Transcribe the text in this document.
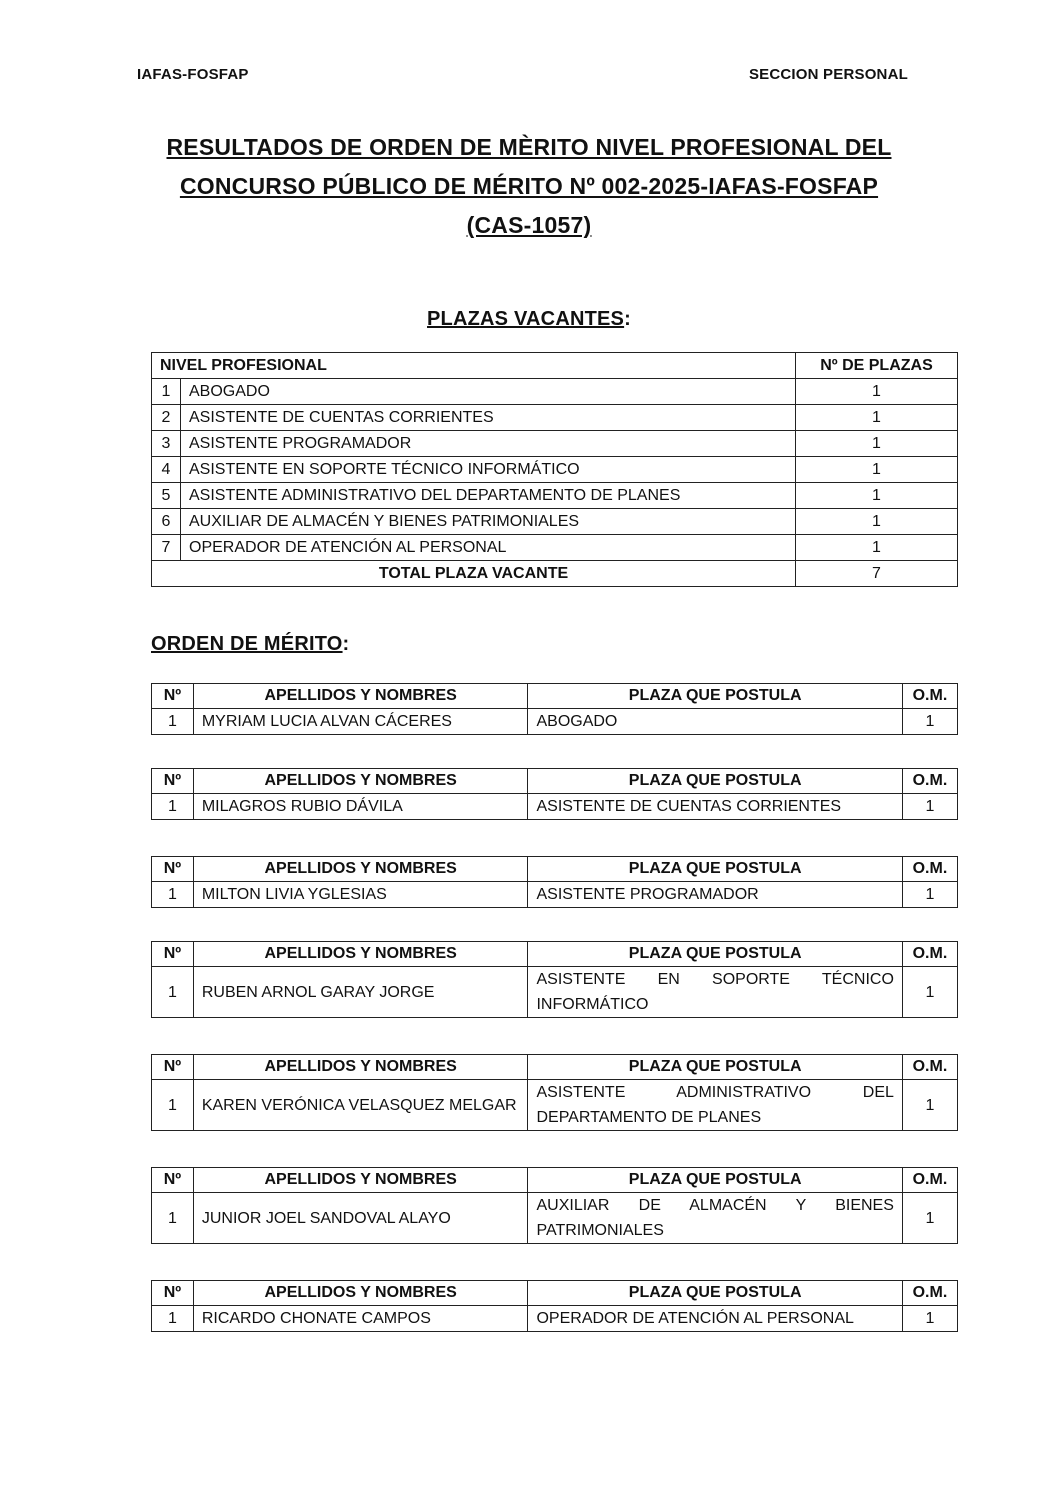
IAFAS-FOSFAP	SECCION PERSONAL
RESULTADOS DE ORDEN DE MÈRITO NIVEL PROFESIONAL DEL
CONCURSO PÚBLICO DE MÉRITO Nº 002-2025-IAFAS-FOSFAP
(CAS-1057)
PLAZAS VACANTES:
NIVEL PROFESIONAL		Nº DE PLAZAS
1	ABOGADO	1
2	ASISTENTE DE CUENTAS CORRIENTES	1
3	ASISTENTE PROGRAMADOR	1
4	ASISTENTE EN SOPORTE TÉCNICO INFORMÁTICO	1
5	ASISTENTE ADMINISTRATIVO DEL DEPARTAMENTO DE PLANES	1
6	AUXILIAR DE ALMACÉN Y BIENES PATRIMONIALES	1
7	OPERADOR DE ATENCIÓN AL PERSONAL	1
TOTAL PLAZA VACANTE		7
ORDEN DE MÉRITO:
Nº	APELLIDOS Y NOMBRES	PLAZA QUE POSTULA	O.M.
1	MYRIAM LUCIA ALVAN CÁCERES	ABOGADO	1
Nº	APELLIDOS Y NOMBRES	PLAZA QUE POSTULA	O.M.
1	MILAGROS RUBIO DÁVILA	ASISTENTE DE CUENTAS CORRIENTES	1
Nº	APELLIDOS Y NOMBRES	PLAZA QUE POSTULA	O.M.
1	MILTON LIVIA YGLESIAS	ASISTENTE PROGRAMADOR	1
Nº	APELLIDOS Y NOMBRES	PLAZA QUE POSTULA	O.M.
1	RUBEN ARNOL GARAY JORGE	ASISTENTE EN SOPORTE TÉCNICO INFORMÁTICO	1
Nº	APELLIDOS Y NOMBRES	PLAZA QUE POSTULA	O.M.
1	KAREN VERÓNICA VELASQUEZ MELGAR	ASISTENTE ADMINISTRATIVO DEL DEPARTAMENTO DE PLANES	1
Nº	APELLIDOS Y NOMBRES	PLAZA QUE POSTULA	O.M.
1	JUNIOR JOEL SANDOVAL ALAYO	AUXILIAR DE ALMACÉN Y BIENES PATRIMONIALES	1
Nº	APELLIDOS Y NOMBRES	PLAZA QUE POSTULA	O.M.
1	RICARDO CHONATE CAMPOS	OPERADOR DE ATENCIÓN AL PERSONAL	1
